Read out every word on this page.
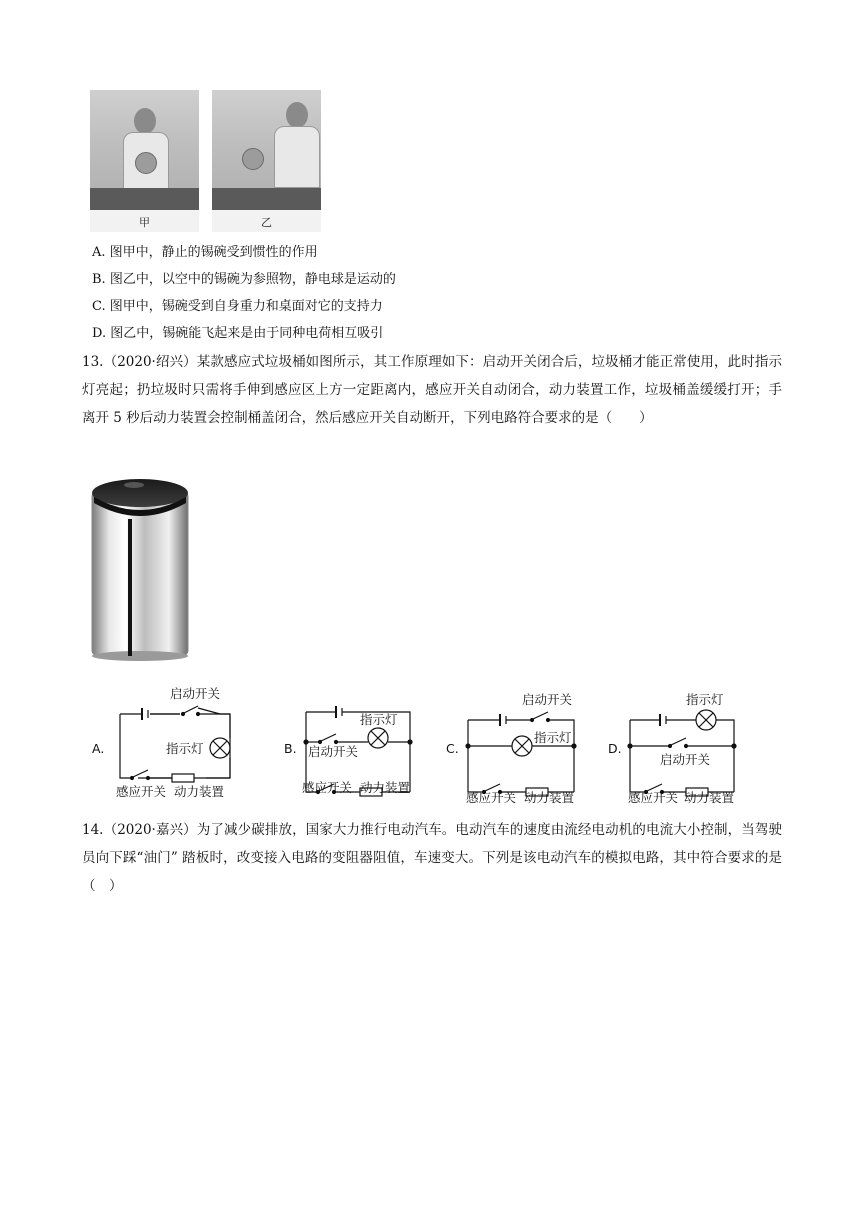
甲	乙
A. 图甲中，静止的锡碗受到惯性的作用
B. 图乙中，以空中的锡碗为参照物，静电球是运动的
C. 图甲中，锡碗受到自身重力和桌面对它的支持力
D. 图乙中，锡碗能飞起来是由于同种电荷相互吸引
13.（2020·绍兴）某款感应式垃圾桶如图所示，其工作原理如下：启动开关闭合后，垃圾桶才能正常使用，此时指示灯亮起；扔垃圾时只需将手伸到感应区上方一定距离内，感应开关自动闭合，动力装置工作，垃圾桶盖缓缓打开；手离开 5 秒后动力装置会控制桶盖闭合，然后感应开关自动断开，下列电路符合要求的是（　　）
A.
启动开关
指示灯
感应开关 动力装置
B.
指示灯
启动开关
感应开关 动力装置
C.
启动开关
指示灯
感应开关 动力装置
D.
指示灯
启动开关
感应开关 动力装置
14.（2020·嘉兴）为了减少碳排放，国家大力推行电动汽车。电动汽车的速度由流经电动机的电流大小控制，当驾驶员向下踩“油门” 踏板时，改变接入电路的变阻器阻值，车速变大。下列是该电动汽车的模拟电路，其中符合要求的是（　）
